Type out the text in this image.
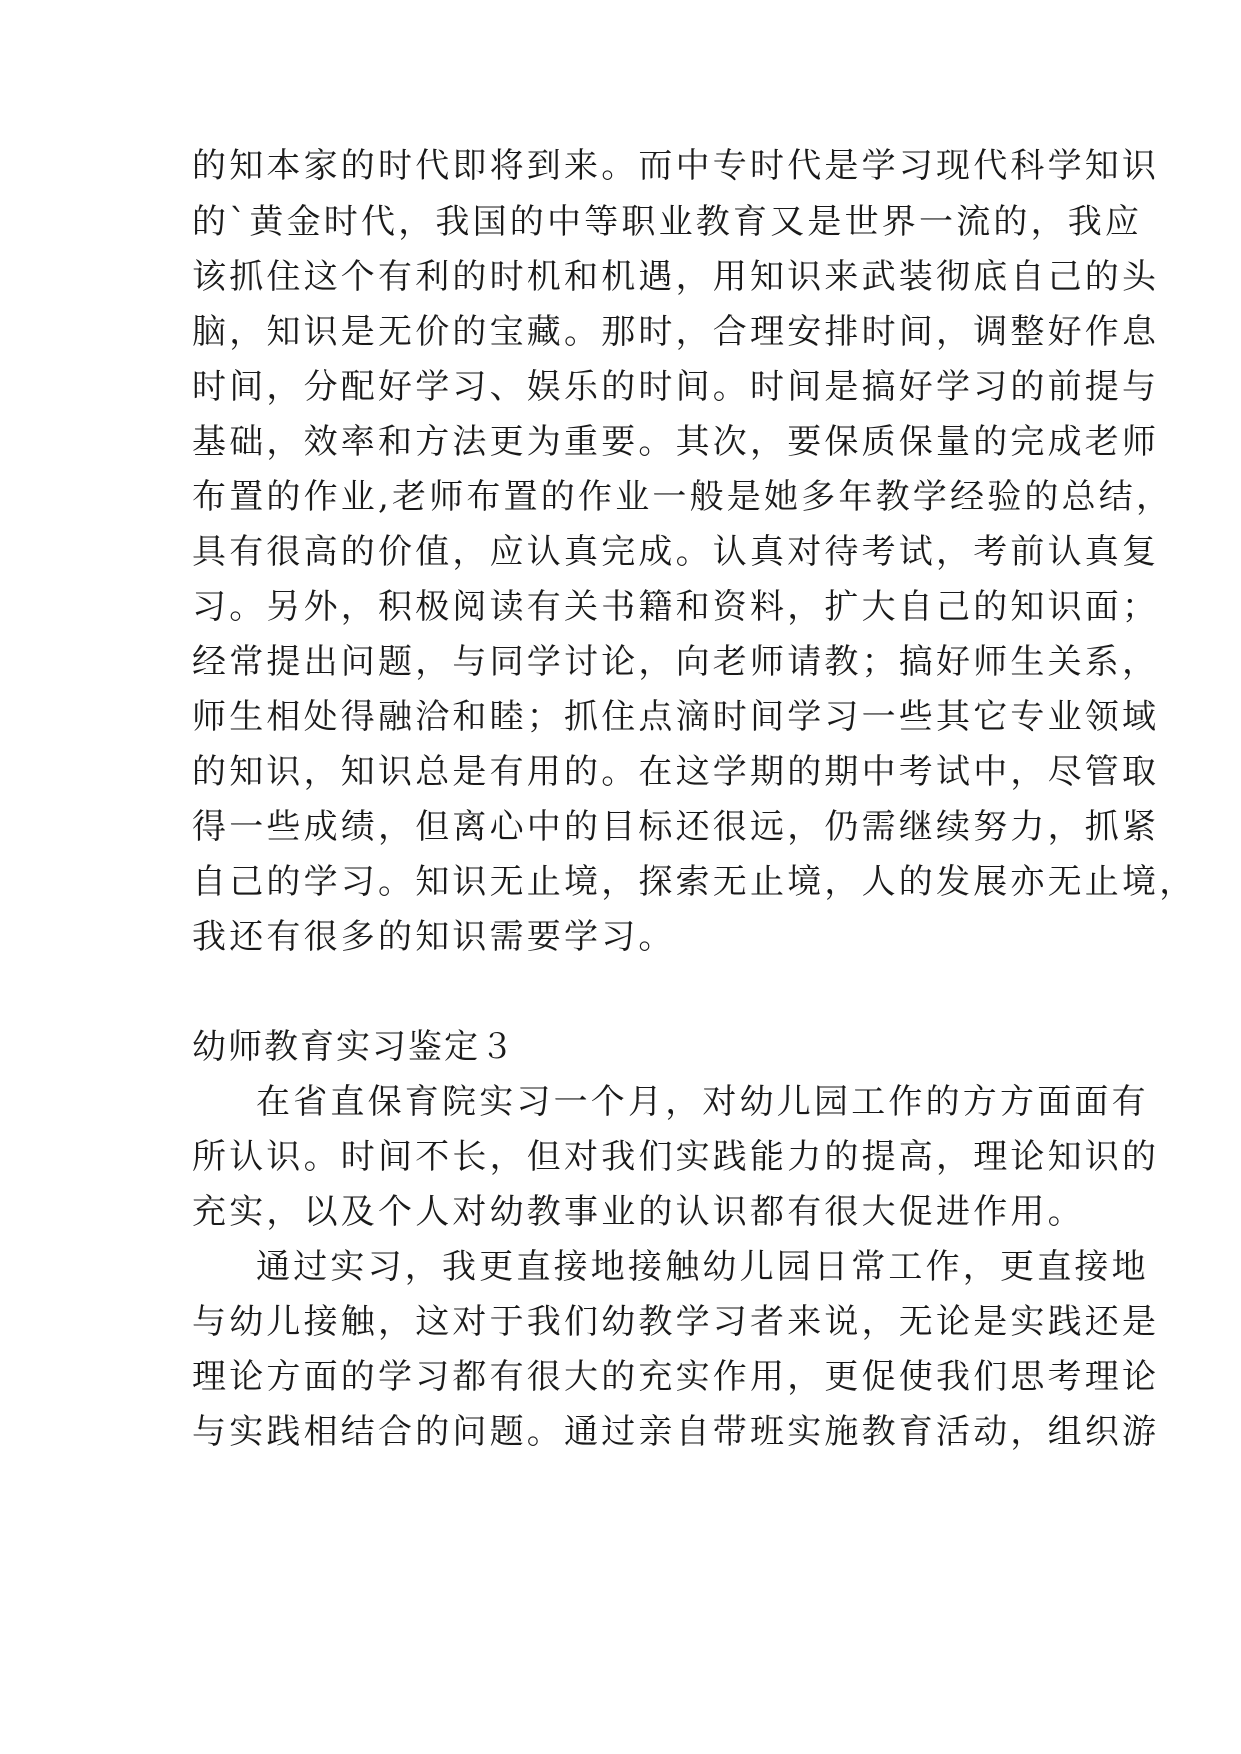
的知本家的时代即将到来。而中专时代是学习现代科学知识
的`黄金时代，我国的中等职业教育又是世界一流的，我应
该抓住这个有利的时机和机遇，用知识来武装彻底自己的头
脑，知识是无价的宝藏。那时，合理安排时间，调整好作息
时间，分配好学习、娱乐的时间。时间是搞好学习的前提与
基础，效率和方法更为重要。其次，要保质保量的完成老师
布置的作业,老师布置的作业一般是她多年教学经验的总结，
具有很高的价值，应认真完成。认真对待考试，考前认真复
习。另外，积极阅读有关书籍和资料，扩大自己的知识面；
经常提出问题，与同学讨论，向老师请教；搞好师生关系，
师生相处得融洽和睦；抓住点滴时间学习一些其它专业领域
的知识，知识总是有用的。在这学期的期中考试中，尽管取
得一些成绩，但离心中的目标还很远，仍需继续努力，抓紧
自己的学习。知识无止境，探索无止境，人的发展亦无止境，
我还有很多的知识需要学习。
幼师教育实习鉴定３
在省直保育院实习一个月，对幼儿园工作的方方面面有
所认识。时间不长，但对我们实践能力的提高，理论知识的
充实，以及个人对幼教事业的认识都有很大促进作用。
通过实习，我更直接地接触幼儿园日常工作，更直接地
与幼儿接触，这对于我们幼教学习者来说，无论是实践还是
理论方面的学习都有很大的充实作用，更促使我们思考理论
与实践相结合的问题。通过亲自带班实施教育活动，组织游
